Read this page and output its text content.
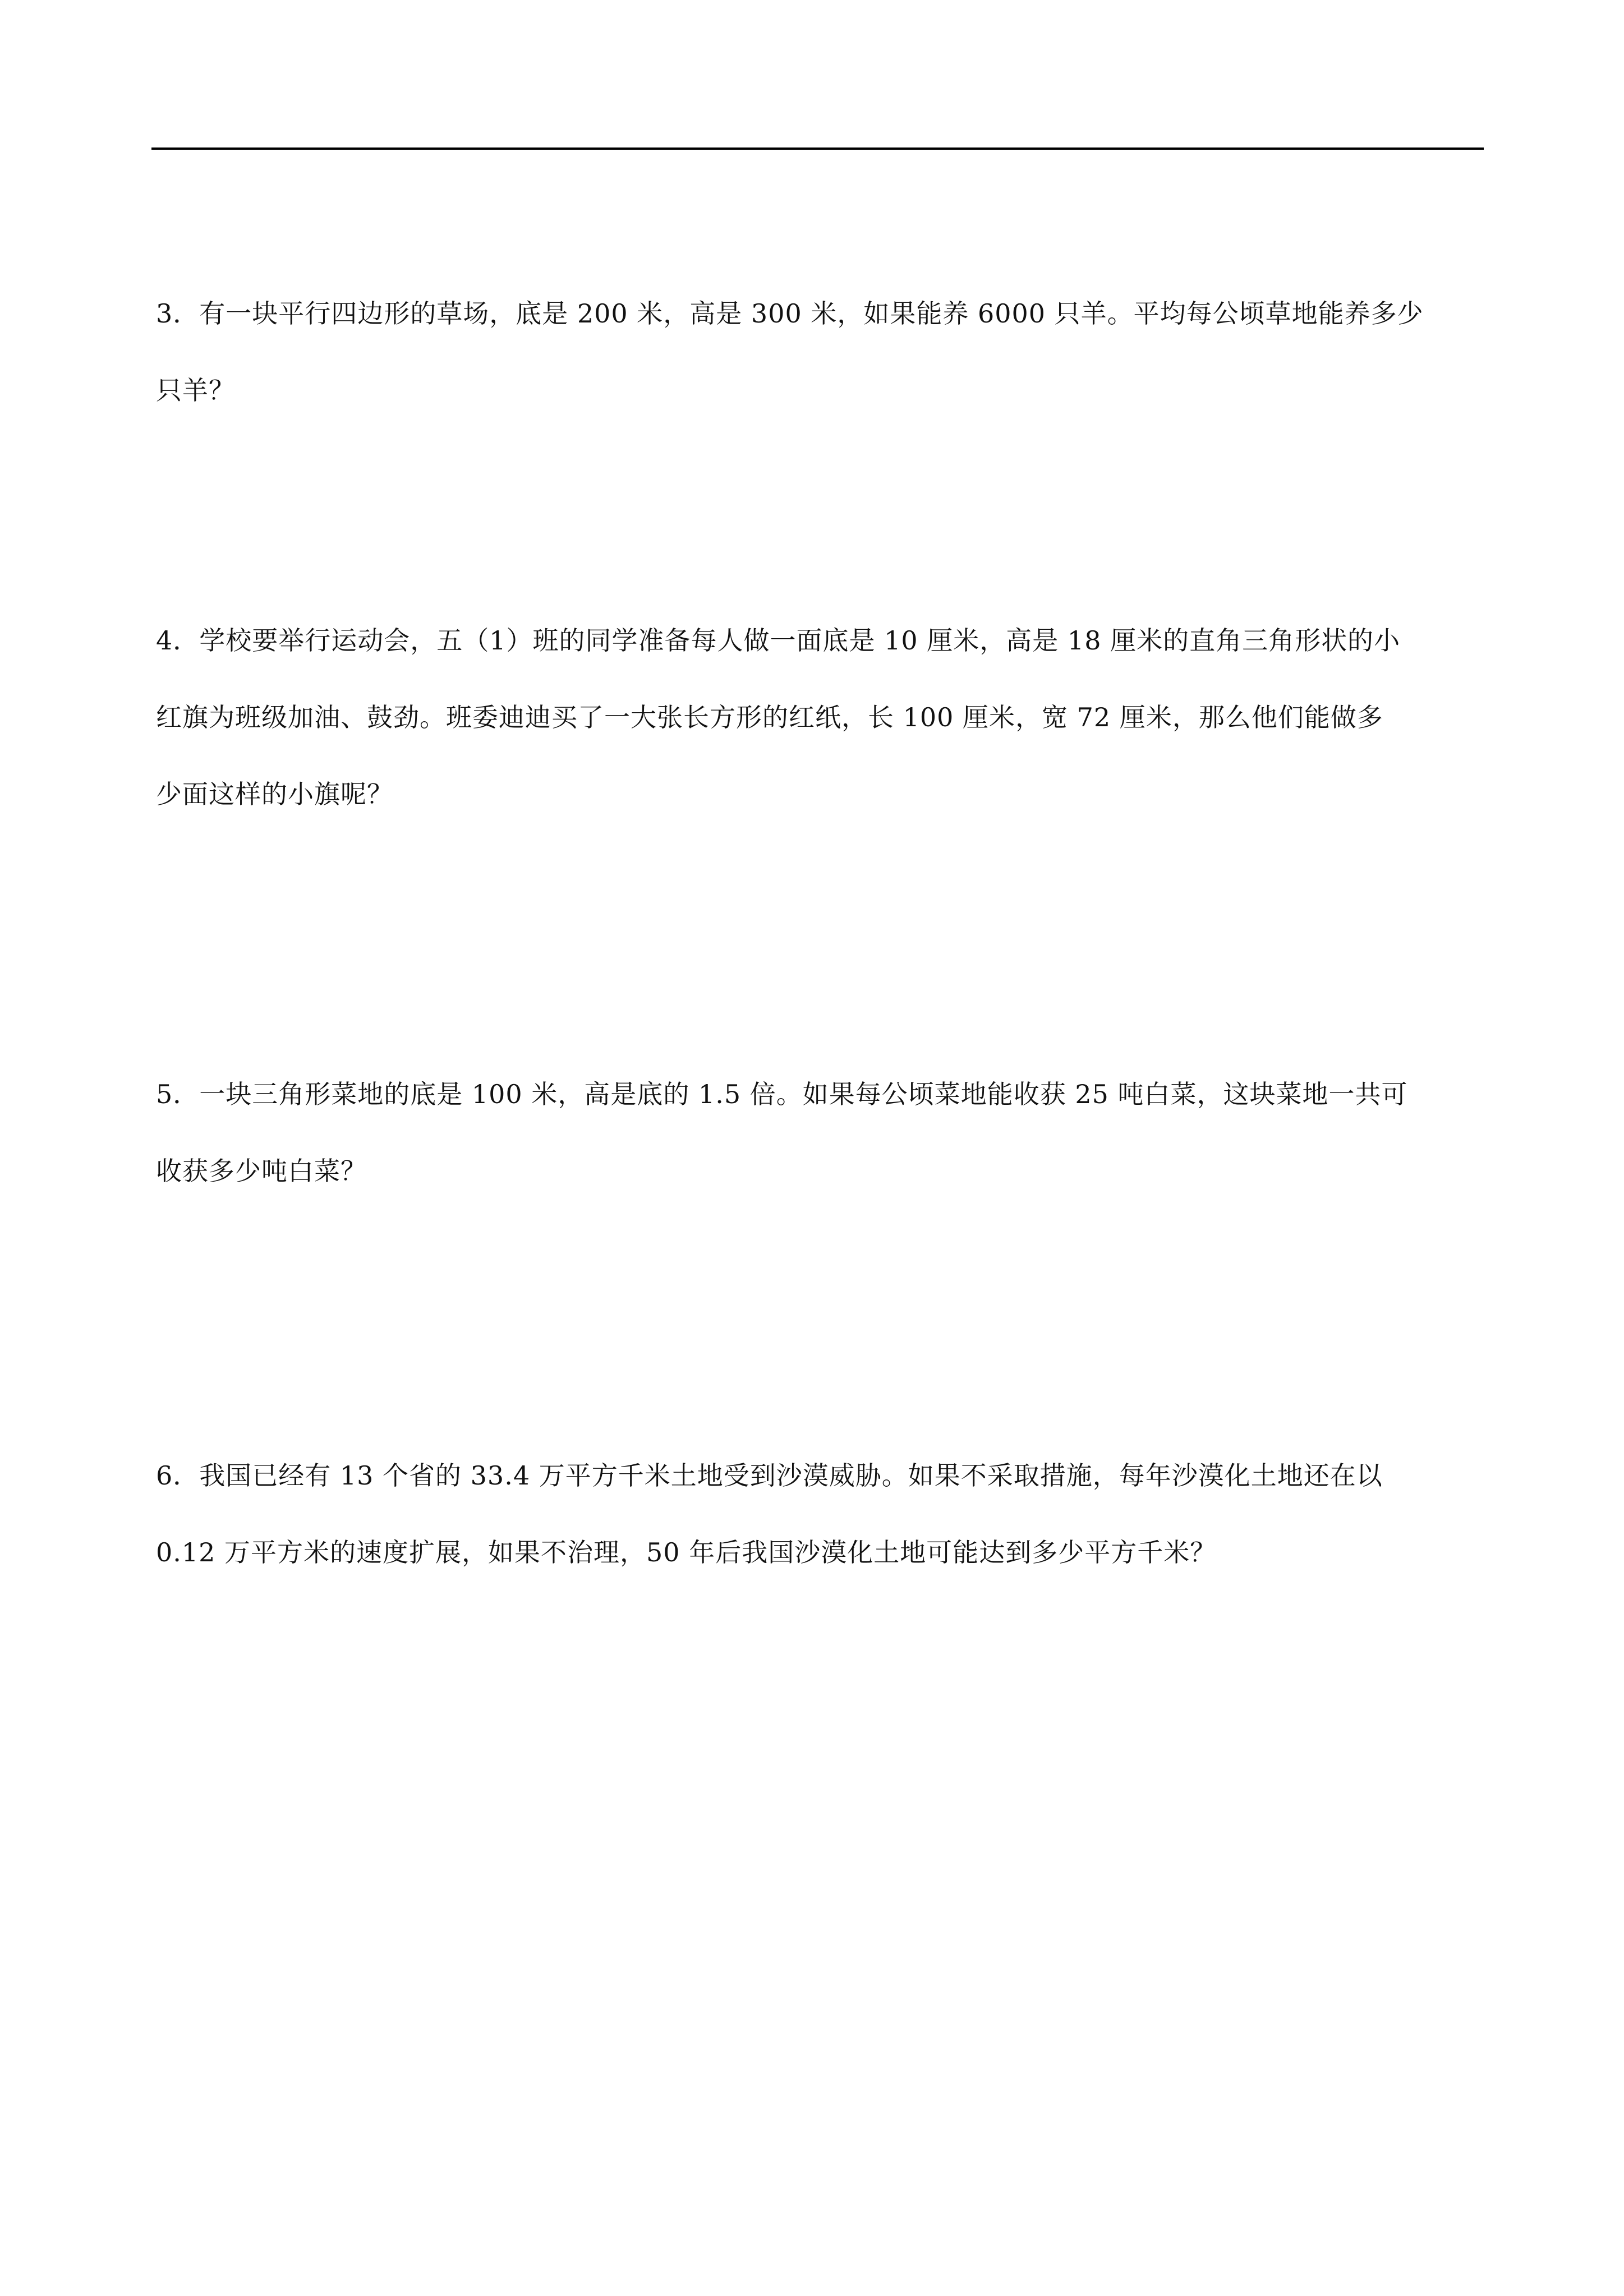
3．有一块平行四边形的草场，底是 200 米，高是 300 米，如果能养 6000 只羊。平均每公顷草地能养多少
只羊？
4．学校要举行运动会，五（1）班的同学准备每人做一面底是 10 厘米，高是 18 厘米的直角三角形状的小
红旗为班级加油、鼓劲。班委迪迪买了一大张长方形的红纸，长 100 厘米，宽 72 厘米，那么他们能做多
少面这样的小旗呢？
5．一块三角形菜地的底是 100 米，高是底的 1.5 倍。如果每公顷菜地能收获 25 吨白菜，这块菜地一共可
收获多少吨白菜？
6．我国已经有 13 个省的 33.4 万平方千米土地受到沙漠威胁。如果不采取措施，每年沙漠化土地还在以
0.12 万平方米的速度扩展，如果不治理，50 年后我国沙漠化土地可能达到多少平方千米？
